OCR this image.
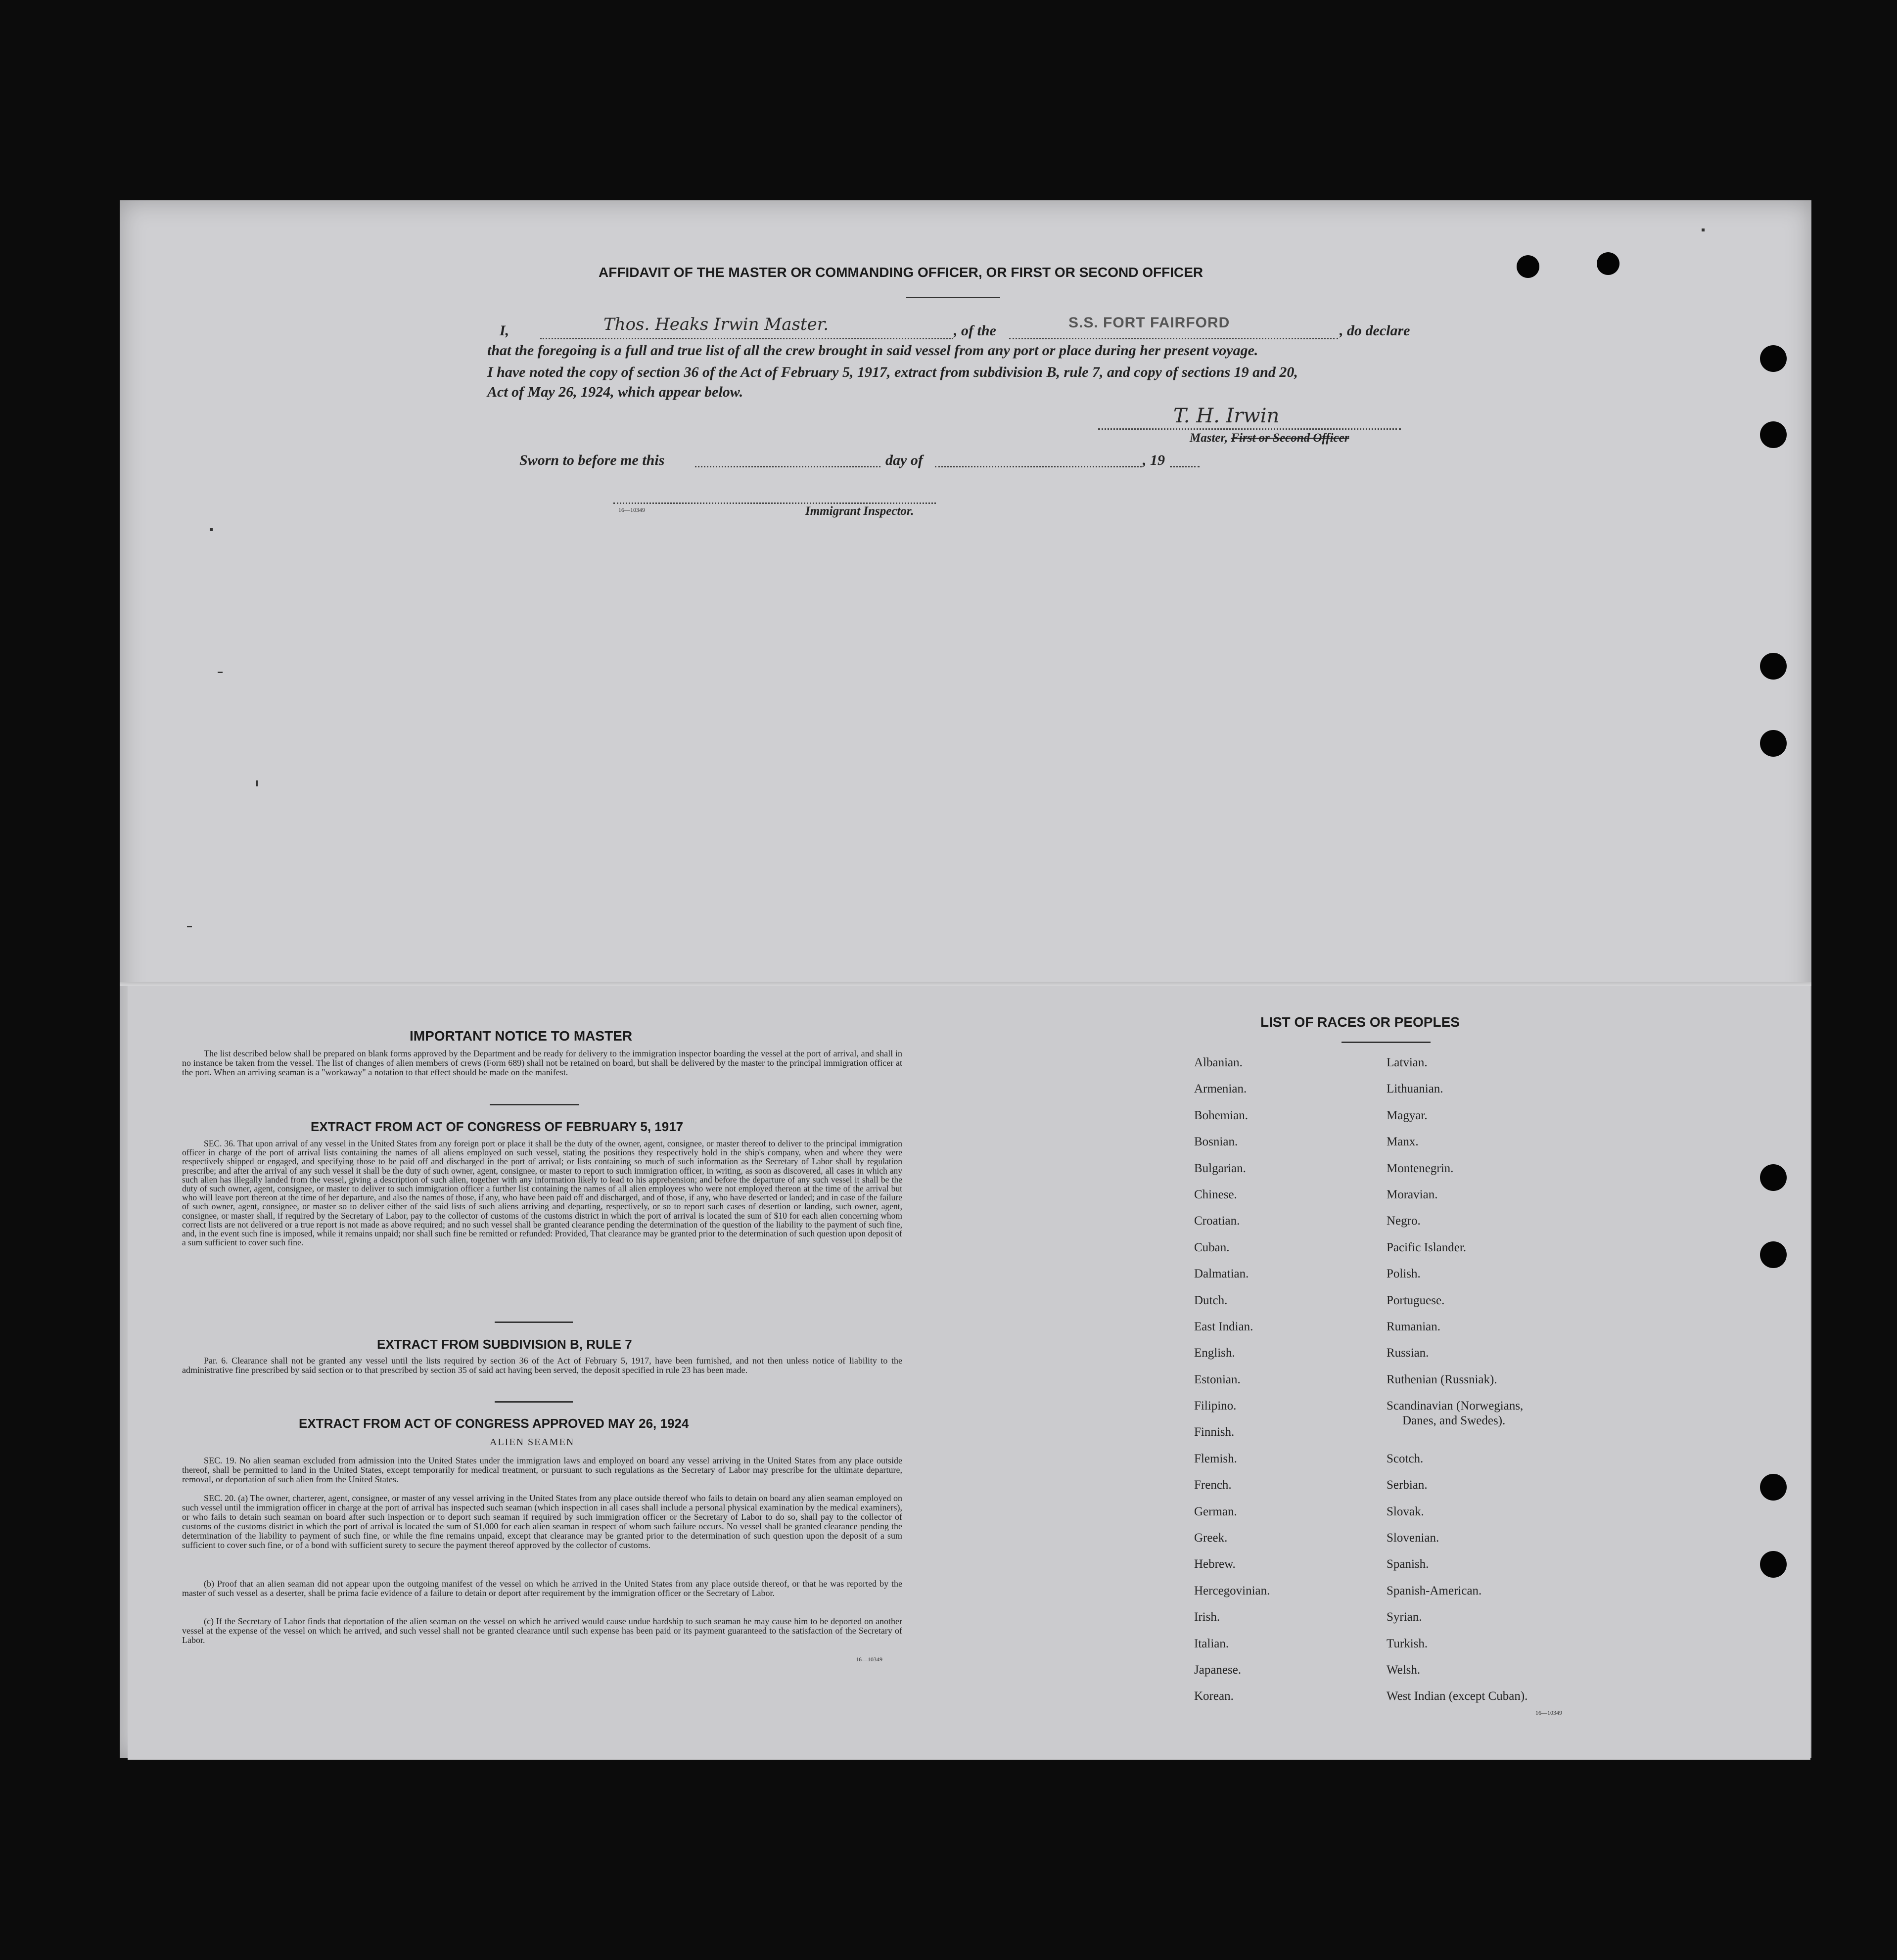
AFFIDAVIT OF THE MASTER OR COMMANDING OFFICER, OR FIRST OR SECOND OFFICER
I,	Thos. Heaks Irwin Master.	, of the	S.S. FORT FAIRFORD	, do declare
that the foregoing is a full and true list of all the crew brought in said vessel from any port or place during her present voyage.
I have noted the copy of section 36 of the Act of February 5, 1917, extract from subdivision B, rule 7, and copy of sections 19 and 20,
Act of May 26, 1924, which appear below.
T. H. Irwin
Master, First or Second Officer
Sworn to before me this	day of	, 19
16—10349	Immigrant Inspector.
IMPORTANT NOTICE TO MASTER

The list described below shall be prepared on blank forms approved by the Department and be ready for delivery to the immigration inspector boarding the vessel at the port of arrival, and shall in no instance be taken from the vessel. The list of changes of alien members of crews (Form 689) shall not be retained on board, but shall be delivered by the master to the principal immigration officer at the port. When an arriving seaman is a "workaway" a notation to that effect should be made on the manifest.

EXTRACT FROM ACT OF CONGRESS OF FEBRUARY 5, 1917

SEC. 36. That upon arrival of any vessel in the United States from any foreign port or place it shall be the duty of the owner, agent, consignee, or master thereof to deliver to the principal immigration officer in charge of the port of arrival lists containing the names of all aliens employed on such vessel, stating the positions they respectively hold in the ship's company, when and where they were respectively shipped or engaged, and specifying those to be paid off and discharged in the port of arrival; or lists containing so much of such information as the Secretary of Labor shall by regulation prescribe; and after the arrival of any such vessel it shall be the duty of such owner, agent, consignee, or master to report to such immigration officer, in writing, as soon as discovered, all cases in which any such alien has illegally landed from the vessel, giving a description of such alien, together with any information likely to lead to his apprehension; and before the departure of any such vessel it shall be the duty of such owner, agent, consignee, or master to deliver to such immigration officer a further list containing the names of all alien employees who were not employed thereon at the time of the arrival but who will leave port thereon at the time of her departure, and also the names of those, if any, who have been paid off and discharged, and of those, if any, who have deserted or landed; and in case of the failure of such owner, agent, consignee, or master so to deliver either of the said lists of such aliens arriving and departing, respectively, or so to report such cases of desertion or landing, such owner, agent, consignee, or master shall, if required by the Secretary of Labor, pay to the collector of customs of the customs district in which the port of arrival is located the sum of $10 for each alien concerning whom correct lists are not delivered or a true report is not made as above required; and no such vessel shall be granted clearance pending the determination of the question of the liability to the payment of such fine, and, in the event such fine is imposed, while it remains unpaid; nor shall such fine be remitted or refunded: Provided, That clearance may be granted prior to the determination of such question upon deposit of a sum sufficient to cover such fine.

EXTRACT FROM SUBDIVISION B, RULE 7

Par. 6. Clearance shall not be granted any vessel until the lists required by section 36 of the Act of February 5, 1917, have been furnished, and not then unless notice of liability to the administrative fine prescribed by said section or to that prescribed by section 35 of said act having been served, the deposit specified in rule 23 has been made.

EXTRACT FROM ACT OF CONGRESS APPROVED MAY 26, 1924
ALIEN SEAMEN

SEC. 19. No alien seaman excluded from admission into the United States under the immigration laws and employed on board any vessel arriving in the United States from any place outside thereof, shall be permitted to land in the United States, except temporarily for medical treatment, or pursuant to such regulations as the Secretary of Labor may prescribe for the ultimate departure, removal, or deportation of such alien from the United States.

SEC. 20. (a) The owner, charterer, agent, consignee, or master of any vessel arriving in the United States from any place outside thereof who fails to detain on board any alien seaman employed on such vessel until the immigration officer in charge at the port of arrival has inspected such seaman (which inspection in all cases shall include a personal physical examination by the medical examiners), or who fails to detain such seaman on board after such inspection or to deport such seaman if required by such immigration officer or the Secretary of Labor to do so, shall pay to the collector of customs of the customs district in which the port of arrival is located the sum of $1,000 for each alien seaman in respect of whom such failure occurs. No vessel shall be granted clearance pending the determination of the liability to payment of such fine, or while the fine remains unpaid, except that clearance may be granted prior to the determination of such question upon the deposit of a sum sufficient to cover such fine, or of a bond with sufficient surety to secure the payment thereof approved by the collector of customs.

(b) Proof that an alien seaman did not appear upon the outgoing manifest of the vessel on which he arrived in the United States from any place outside thereof, or that he was reported by the master of such vessel as a deserter, shall be prima facie evidence of a failure to detain or deport after requirement by the immigration officer or the Secretary of Labor.

(c) If the Secretary of Labor finds that deportation of the alien seaman on the vessel on which he arrived would cause undue hardship to such seaman he may cause him to be deported on another vessel at the expense of the vessel on which he arrived, and such vessel shall not be granted clearance until such expense has been paid or its payment guaranteed to the satisfaction of the Secretary of Labor.

16—10349
LIST OF RACES OR PEOPLES
Albanian.
Armenian.
Bohemian.
Bosnian.
Bulgarian.
Chinese.
Croatian.
Cuban.
Dalmatian.
Dutch.
East Indian.
English.
Estonian.
Filipino.
Finnish.
Flemish.
French.
German.
Greek.
Hebrew.
Hercegovinian.
Irish.
Italian.
Japanese.
Korean.
Latvian.
Lithuanian.
Magyar.
Manx.
Montenegrin.
Moravian.
Negro.
Pacific Islander.
Polish.
Portuguese.
Rumanian.
Russian.
Ruthenian (Russniak).
Scandinavian (Norwegians,
Danes, and Swedes).
Scotch.
Serbian.
Slovak.
Slovenian.
Spanish.
Spanish-American.
Syrian.
Turkish.
Welsh.
West Indian (except Cuban).
16—10349
